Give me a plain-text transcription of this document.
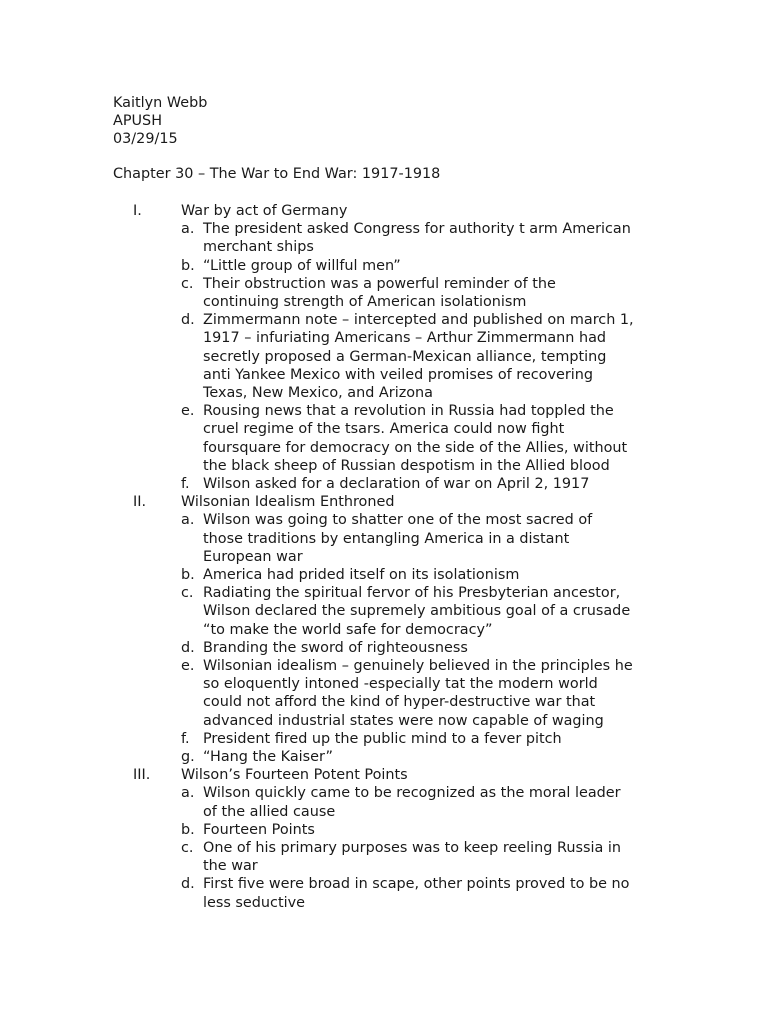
Kaitlyn Webb
APUSH
03/29/15
Chapter 30 – The War to End War: 1917-1918
I.	War by act of Germany
a. The president asked Congress for authority t arm American
merchant ships
b. “Little group of willful men”
c. Their obstruction was a powerful reminder of the
continuing strength of American isolationism
d. Zimmermann note – intercepted and published on march 1,
1917 – infuriating Americans – Arthur Zimmermann had
secretly proposed a German-Mexican alliance, tempting
anti Yankee Mexico with veiled promises of recovering
Texas, New Mexico, and Arizona
e. Rousing news that a revolution in Russia had toppled the
cruel regime of the tsars. America could now fight
foursquare for democracy on the side of the Allies, without
the black sheep of Russian despotism in the Allied blood
f. Wilson asked for a declaration of war on April 2, 1917
II.	Wilsonian Idealism Enthroned
a. Wilson was going to shatter one of the most sacred of
those traditions by entangling America in a distant
European war
b. America had prided itself on its isolationism
c. Radiating the spiritual fervor of his Presbyterian ancestor,
Wilson declared the supremely ambitious goal of a crusade
“to make the world safe for democracy”
d. Branding the sword of righteousness
e. Wilsonian idealism – genuinely believed in the principles he
so eloquently intoned -especially tat the modern world
could not afford the kind of hyper-destructive war that
advanced industrial states were now capable of waging
f. President fired up the public mind to a fever pitch
g. “Hang the Kaiser”
III. Wilson’s Fourteen Potent Points
a. Wilson quickly came to be recognized as the moral leader
of the allied cause
b. Fourteen Points
c. One of his primary purposes was to keep reeling Russia in
the war
d. First five were broad in scape, other points proved to be no
less seductive
